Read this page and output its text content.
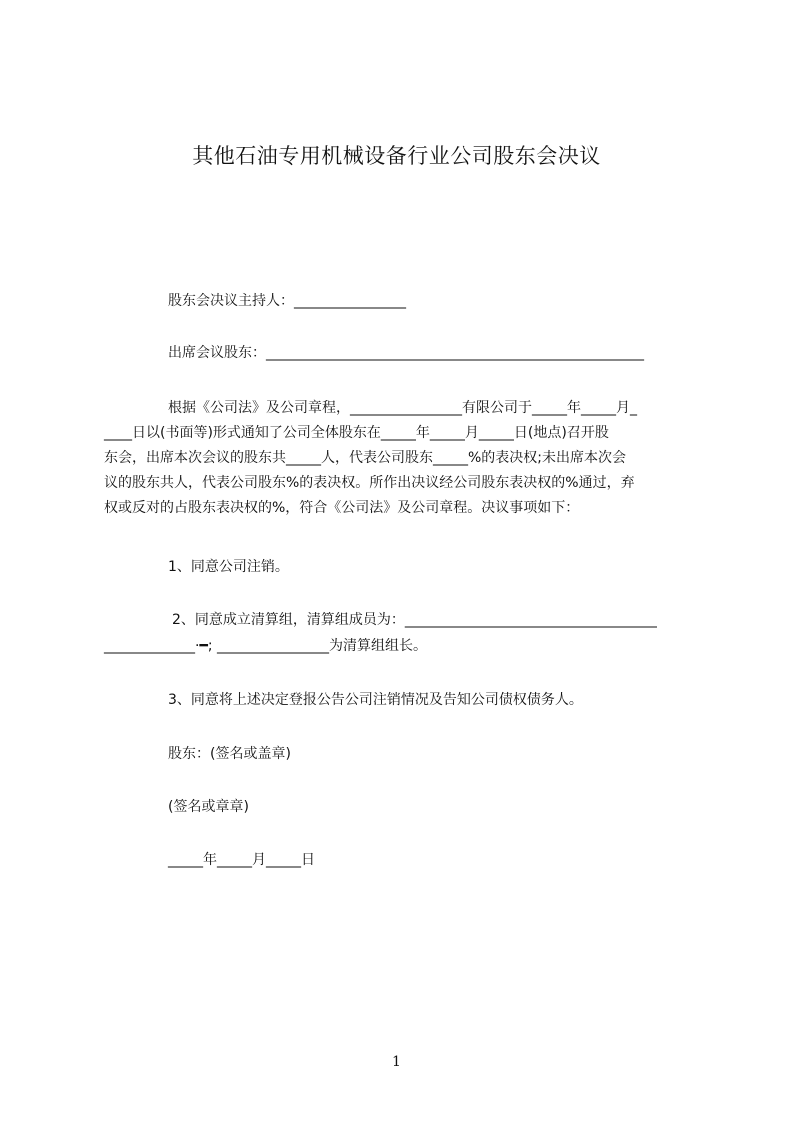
其他石油专用机械设备行业公司股东会决议
股东会决议主持人：________________
出席会议股东：______________________________________________________
根据《公司法》及公司章程，________________有限公司于_____年_____月_
____日以(书面等)形式通知了公司全体股东在_____年_____月_____日(地点)召开股
东会，出席本次会议的股东共_____人，代表公司股东_____%的表决权;未出席本次会
议的股东共人，代表公司股东%的表决权。所作出决议经公司股东表决权的%通过，弃
权或反对的占股东表决权的%，符合《公司法》及公司章程。决议事项如下：
1、同意公司注销。
2、同意成立清算组，清算组成员为：____________________________________
_____________·━; ________________为清算组组长。
3、同意将上述决定登报公告公司注销情况及告知公司债权债务人。
股东：(签名或盖章)
(签名或章章)
_____年_____月_____日
1
